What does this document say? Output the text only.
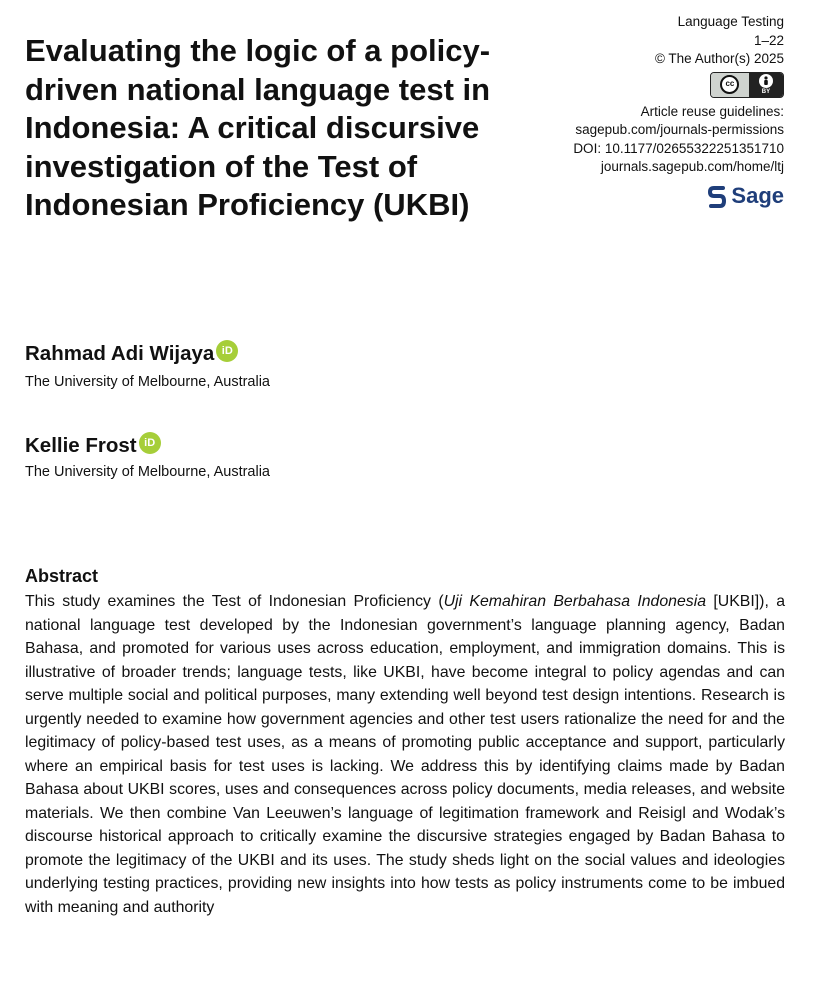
Evaluating the logic of a policy-driven national language test in Indonesia: A critical discursive investigation of the Test of Indonesian Proficiency (UKBI)
Language Testing
1–22
© The Author(s) 2025
cc
BY
Article reuse guidelines:
sagepub.com/journals-permissions
DOI: 10.1177/02655322251351710
journals.sagepub.com/home/ltj
Sage
Rahmad Adi Wijaya iD
The University of Melbourne, Australia
Kellie Frost iD
The University of Melbourne, Australia
Abstract

This study examines the Test of Indonesian Proficiency (Uji Kemahiran Berbahasa Indonesia [UKBI]), a national language test developed by the Indonesian government’s language planning agency, Badan Bahasa, and promoted for various uses across education, employment, and immigration domains. This is illustrative of broader trends; language tests, like UKBI, have become integral to policy agendas and can serve multiple social and political purposes, many extending well beyond test design intentions. Research is urgently needed to examine how government agencies and other test users rationalize the need for and the legitimacy of policy-based test uses, as a means of promoting public acceptance and support, particularly where an empirical basis for test uses is lacking. We address this by identifying claims made by Badan Bahasa about UKBI scores, uses and consequences across policy documents, media releases, and website materials. We then combine Van Leeuwen’s language of legitimation framework and Reisigl and Wodak’s discourse historical approach to critically examine the discursive strategies engaged by Badan Bahasa to promote the legitimacy of the UKBI and its uses. The study sheds light on the social values and ideologies underlying testing practices, providing new insights into how tests as policy instruments come to be imbued with meaning and authority
